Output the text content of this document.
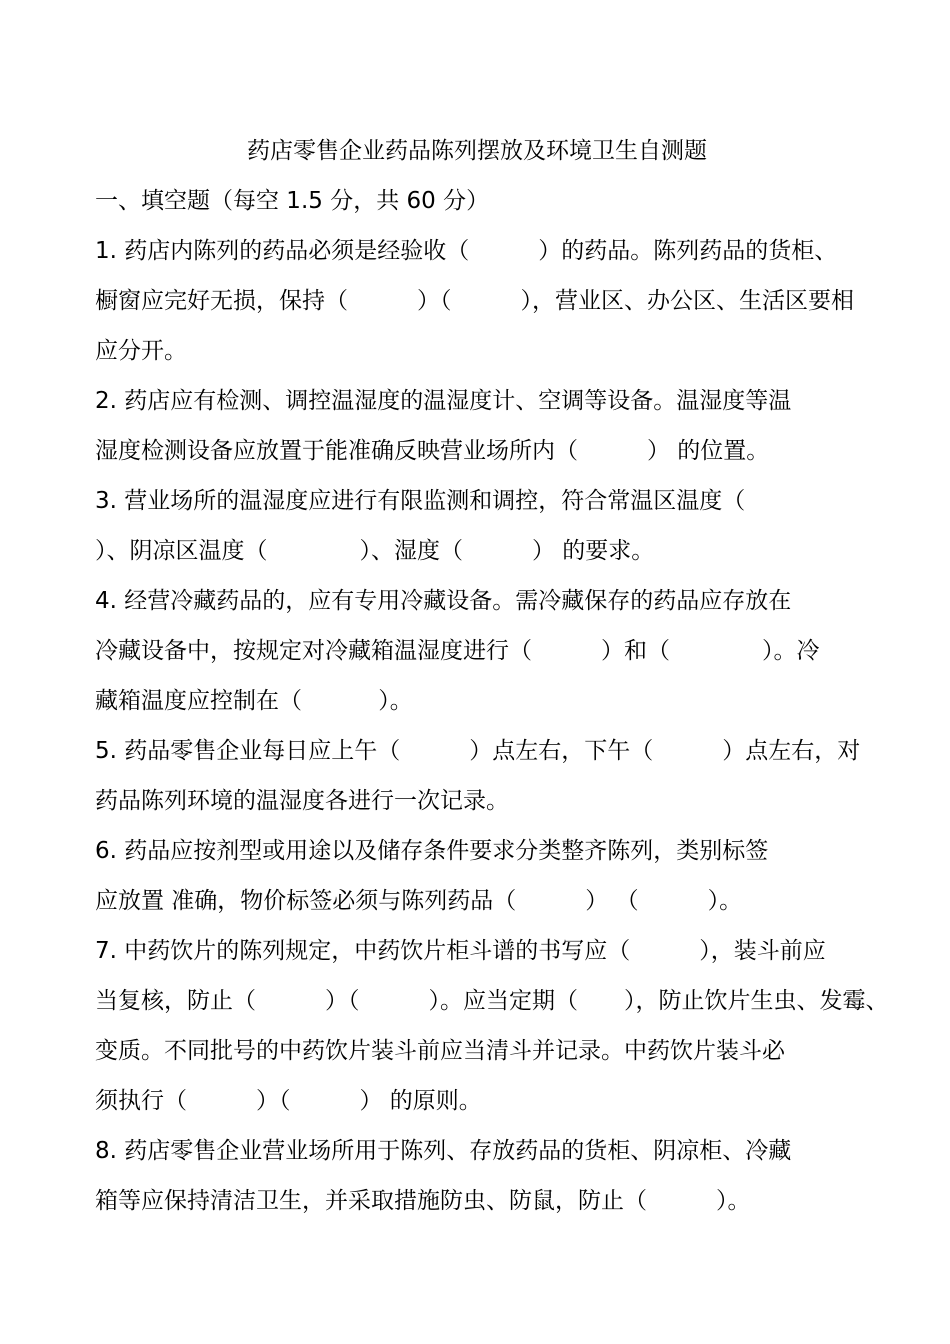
药店零售企业药品陈列摆放及环境卫生自测题
一、填空题（每空 1.5 分，共 60 分）
1. 药店内陈列的药品必须是经验收（　　　）的药品。陈列药品的货柜、
橱窗应完好无损，保持（　　　）（　　　），营业区、办公区、生活区要相
应分开。
2. 药店应有检测、调控温湿度的温湿度计、空调等设备。温湿度等温
湿度检测设备应放置于能准确反映营业场所内（　　　） 的位置。
3. 营业场所的温湿度应进行有限监测和调控，符合常温区温度（
）、阴凉区温度（　　　　）、湿度（　　　） 的要求。
4. 经营冷藏药品的，应有专用冷藏设备。需冷藏保存的药品应存放在
冷藏设备中，按规定对冷藏箱温湿度进行（　　　）和（　　　　）。冷
藏箱温度应控制在（　　　 ）。
5. 药品零售企业每日应上午（　　　）点左右，下午（　　　）点左右，对
药品陈列环境的温湿度各进行一次记录。
6. 药品应按剂型或用途以及储存条件要求分类整齐陈列，类别标签
应放置 准确，物价标签必须与陈列药品（　　　） （　　　）。
7. 中药饮片的陈列规定，中药饮片柜斗谱的书写应（　　　），装斗前应
当复核，防止（　　　）（　　　）。应当定期（　　），防止饮片生虫、发霉、
变质。不同批号的中药饮片装斗前应当清斗并记录。中药饮片装斗必
须执行（　　　）（　　　） 的原则。
8. 药店零售企业营业场所用于陈列、存放药品的货柜、阴凉柜、冷藏
箱等应保持清洁卫生，并采取措施防虫、防鼠，防止（　　　）。
